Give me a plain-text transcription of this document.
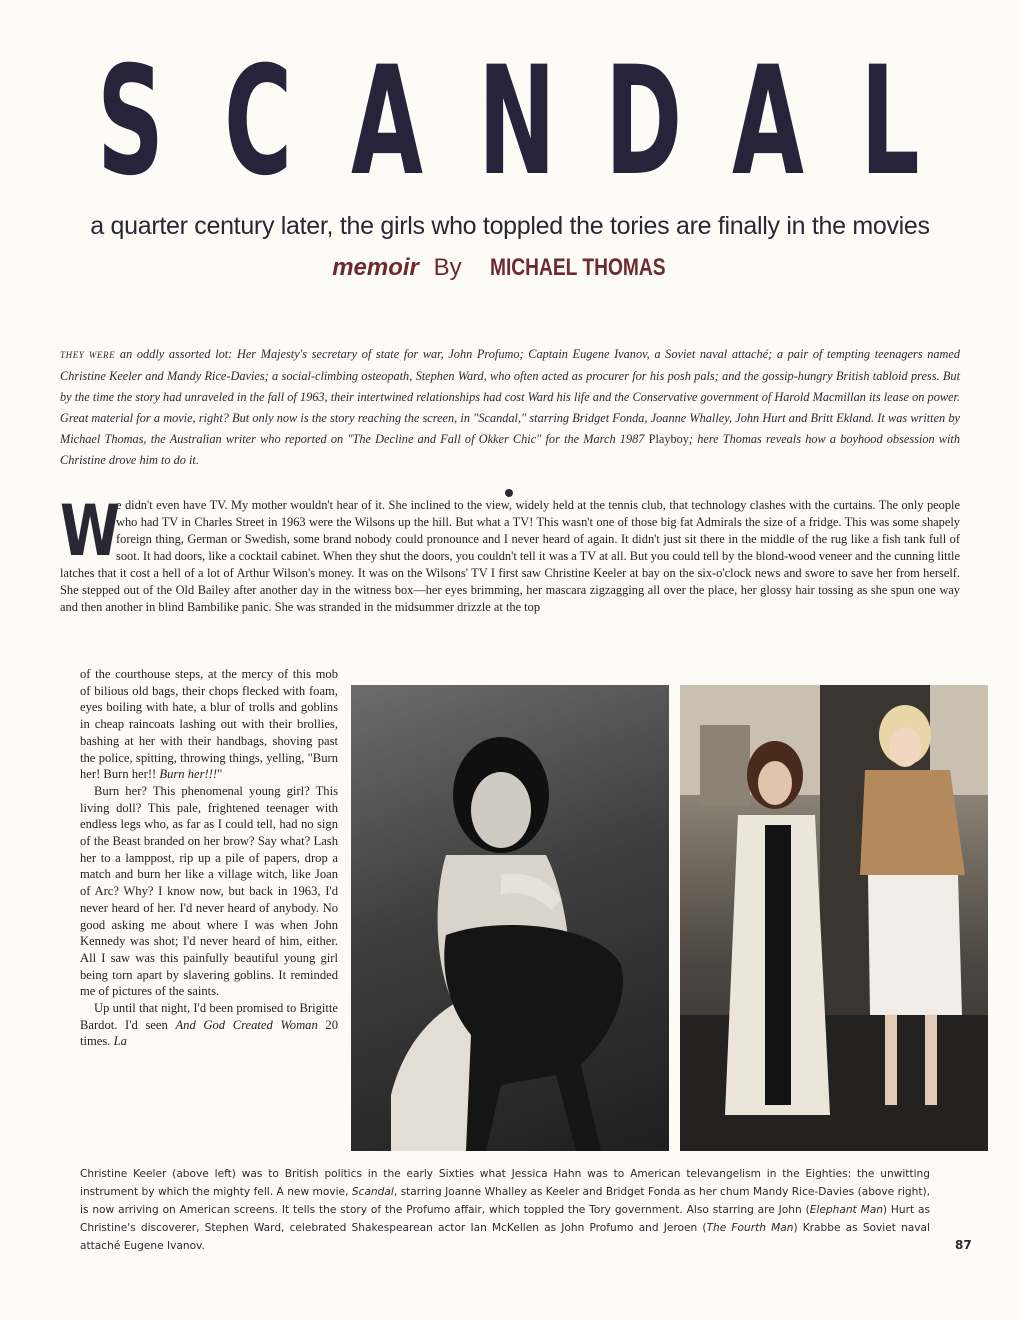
S C A N D A L
a quarter century later, the girls who toppled the tories are finally in the movies
memoir By MICHAEL THOMAS
THEY WERE an oddly assorted lot: Her Majesty's secretary of state for war, John Profumo; Captain Eugene Ivanov, a Soviet naval attaché; a pair of tempting teenagers named Christine Keeler and Mandy Rice-Davies; a social-climbing osteopath, Stephen Ward, who often acted as procurer for his posh pals; and the gossip-hungry British tabloid press. But by the time the story had unraveled in the fall of 1963, their intertwined relationships had cost Ward his life and the Conservative government of Harold Macmillan its lease on power. Great material for a movie, right? But only now is the story reaching the screen, in "Scandal," starring Bridget Fonda, Joanne Whalley, John Hurt and Britt Ekland. It was written by Michael Thomas, the Australian writer who reported on "The Decline and Fall of Okker Chic" for the March 1987 Playboy; here Thomas reveals how a boyhood obsession with Christine drove him to do it.
W
e didn't even have TV. My mother wouldn't hear of it. She inclined to the view, widely held at the tennis club, that technology clashes with the curtains. The only people who had TV in Charles Street in 1963 were the Wilsons up the hill. But what a TV! This wasn't one of those big fat Admirals the size of a fridge. This was some shapely foreign thing, German or Swedish, some brand nobody could pronounce and I never heard of again. It didn't just sit there in the middle of the rug like a fish tank full of soot. It had doors, like a cocktail cabinet. When they shut the doors, you couldn't tell it was a TV at all. But you could tell by the blond-wood veneer and the cunning little latches that it cost a hell of a lot of Arthur Wilson's money. It was on the Wilsons' TV I first saw Christine Keeler at bay on the six-o'clock news and swore to save her from herself. She stepped out of the Old Bailey after another day in the witness box—her eyes brimming, her mascara zigzagging all over the place, her glossy hair tossing as she spun one way and then another in blind Bambilike panic. She was stranded in the midsummer drizzle at the top

of the courthouse steps, at the mercy of this mob of bilious old bags, their chops flecked with foam, eyes boiling with hate, a blur of trolls and goblins in cheap raincoats lashing out with their brollies, bashing at her with their handbags, shoving past the police, spitting, throwing things, yelling, "Burn her! Burn her!! Burn her!!!"

Burn her? This phenomenal young girl? This living doll? This pale, frightened teenager with endless legs who, as far as I could tell, had no sign of the Beast branded on her brow? Say what? Lash her to a lamppost, rip up a pile of papers, drop a match and burn her like a village witch, like Joan of Arc? Why? I know now, but back in 1963, I'd never heard of her. I'd never heard of anybody. No good asking me about where I was when John Kennedy was shot; I'd never heard of him, either. All I saw was this painfully beautiful young girl being torn apart by slavering goblins. It reminded me of pictures of the saints.

Up until that night, I'd been promised to Brigitte Bardot. I'd seen And God Created Woman 20 times. La

Christine Keeler (above left) was to British politics in the early Sixties what Jessica Hahn was to American televangelism in the Eighties: the unwitting instrument by which the mighty fell. A new movie, Scandal, starring Joanne Whalley as Keeler and Bridget Fonda as her chum Mandy Rice-Davies (above right), is now arriving on American screens. It tells the story of the Profumo affair, which toppled the Tory government. Also starring are John (Elephant Man) Hurt as Christine's discoverer, Stephen Ward, celebrated Shakespearean actor Ian McKellen as John Profumo and Jeroen (The Fourth Man) Krabbe as Soviet naval attaché Eugene Ivanov.	87
